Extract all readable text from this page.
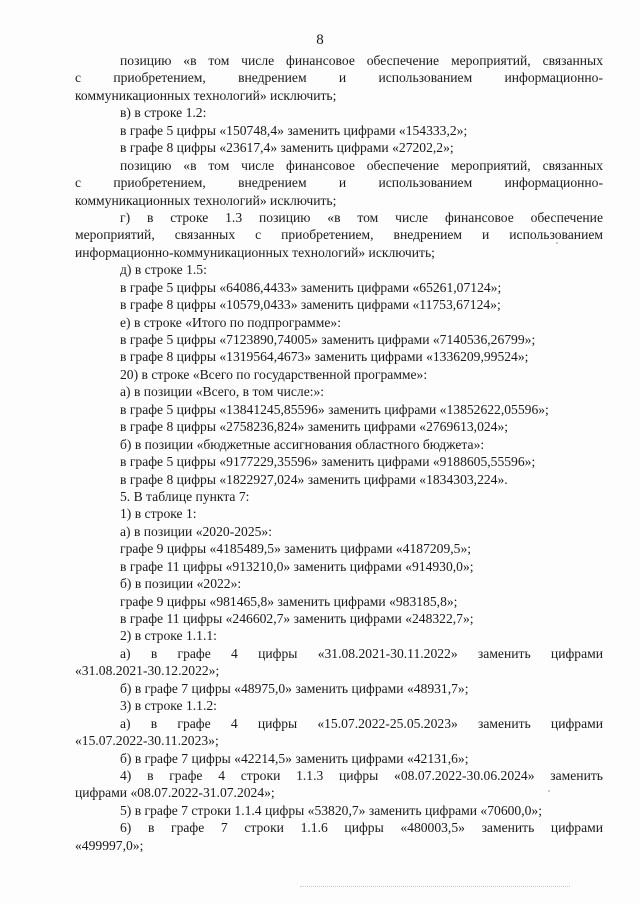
8
позицию «в том числе финансовое обеспечение мероприятий, связанных
с приобретением, внедрением и использованием информационно-
коммуникационных технологий» исключить;
в) в строке 1.2:
в графе 5 цифры «150748,4» заменить цифрами «154333,2»;
в графе 8 цифры «23617,4» заменить цифрами «27202,2»;
позицию «в том числе финансовое обеспечение мероприятий, связанных
с приобретением, внедрением и использованием информационно-
коммуникационных технологий» исключить;
г) в строке 1.3 позицию «в том числе финансовое обеспечение
мероприятий, связанных с приобретением, внедрением и использованием
информационно-коммуникационных технологий» исключить;
д) в строке 1.5:
в графе 5 цифры «64086,4433» заменить цифрами «65261,07124»;
в графе 8 цифры «10579,0433» заменить цифрами «11753,67124»;
е) в строке «Итого по подпрограмме»:
в графе 5 цифры «7123890,74005» заменить цифрами «7140536,26799»;
в графе 8 цифры «1319564,4673» заменить цифрами «1336209,99524»;
20) в строке «Всего по государственной программе»:
а) в позиции «Всего, в том числе:»:
в графе 5 цифры «13841245,85596» заменить цифрами «13852622,05596»;
в графе 8 цифры «2758236,824» заменить цифрами «2769613,024»;
б) в позиции «бюджетные ассигнования областного бюджета»:
в графе 5 цифры «9177229,35596» заменить цифрами «9188605,55596»;
в графе 8 цифры «1822927,024» заменить цифрами «1834303,224».
5. В таблице пункта 7:
1) в строке 1:
а) в позиции «2020-2025»:
графе 9 цифры «4185489,5» заменить цифрами «4187209,5»;
в графе 11 цифры «913210,0» заменить цифрами «914930,0»;
б) в позиции «2022»:
графе 9 цифры «981465,8» заменить цифрами «983185,8»;
в графе 11 цифры «246602,7» заменить цифрами «248322,7»;
2) в строке 1.1.1:
а) в графе 4 цифры «31.08.2021-30.11.2022» заменить цифрами
«31.08.2021-30.12.2022»;
б) в графе 7 цифры «48975,0» заменить цифрами «48931,7»;
3) в строке 1.1.2:
а) в графе 4 цифры «15.07.2022-25.05.2023» заменить цифрами
«15.07.2022-30.11.2023»;
б) в графе 7 цифры «42214,5» заменить цифрами «42131,6»;
4) в графе 4 строки 1.1.3 цифры «08.07.2022-30.06.2024» заменить
цифрами «08.07.2022-31.07.2024»;
5) в графе 7 строки 1.1.4 цифры «53820,7» заменить цифрами «70600,0»;
6) в графе 7 строки 1.1.6 цифры «480003,5» заменить цифрами
«499997,0»;
